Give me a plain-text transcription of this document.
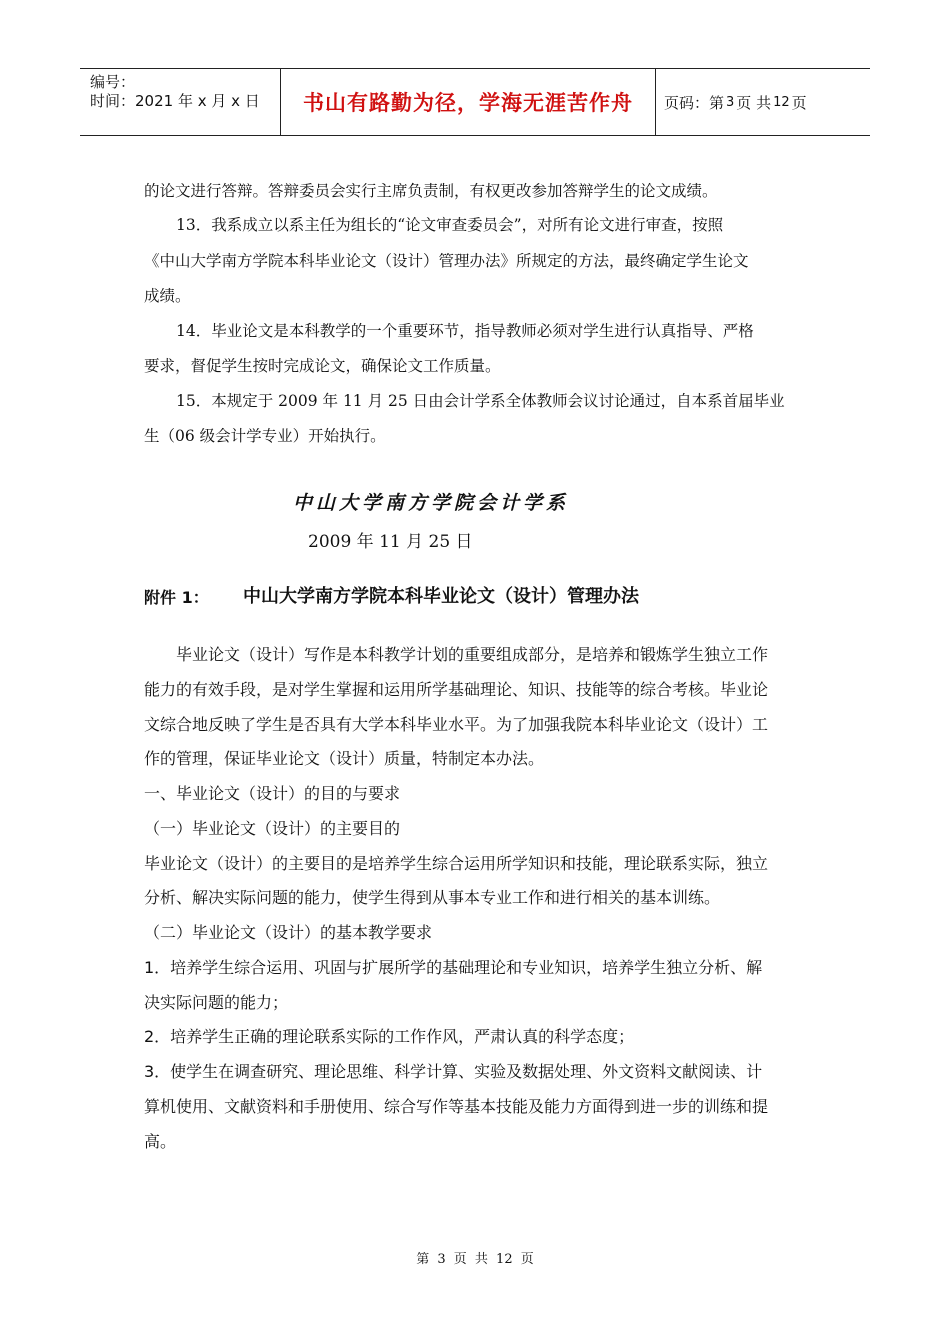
编号：
时间：2021 年 x 月 x 日	书山有路勤为径，学海无涯苦作舟	页码：第 3 页 共 12 页
的论文进行答辩。答辩委员会实行主席负责制，有权更改参加答辩学生的论文成绩。
13．我系成立以系主任为组长的“论文审查委员会”，对所有论文进行审查，按照
《中山大学南方学院本科毕业论文（设计）管理办法》所规定的方法，最终确定学生论文
成绩。
14．毕业论文是本科教学的一个重要环节，指导教师必须对学生进行认真指导、严格
要求，督促学生按时完成论文，确保论文工作质量。
15．本规定于 2009 年 11 月 25 日由会计学系全体教师会议讨论通过，自本系首届毕业
生（06 级会计学专业）开始执行。
中山大学南方学院会计学系
2009 年 11 月 25 日
附件 1： 中山大学南方学院本科毕业论文（设计）管理办法
毕业论文（设计）写作是本科教学计划的重要组成部分，是培养和锻炼学生独立工作
能力的有效手段，是对学生掌握和运用所学基础理论、知识、技能等的综合考核。毕业论
文综合地反映了学生是否具有大学本科毕业水平。为了加强我院本科毕业论文（设计）工
作的管理，保证毕业论文（设计）质量，特制定本办法。
一、毕业论文（设计）的目的与要求
（一）毕业论文（设计）的主要目的
毕业论文（设计）的主要目的是培养学生综合运用所学知识和技能，理论联系实际，独立
分析、解决实际问题的能力，使学生得到从事本专业工作和进行相关的基本训练。
（二）毕业论文（设计）的基本教学要求
1．培养学生综合运用、巩固与扩展所学的基础理论和专业知识，培养学生独立分析、解
决实际问题的能力；
2．培养学生正确的理论联系实际的工作作风，严肃认真的科学态度；
3．使学生在调查研究、理论思维、科学计算、实验及数据处理、外文资料文献阅读、计
算机使用、文献资料和手册使用、综合写作等基本技能及能力方面得到进一步的训练和提
高。
第 3 页 共 12 页
